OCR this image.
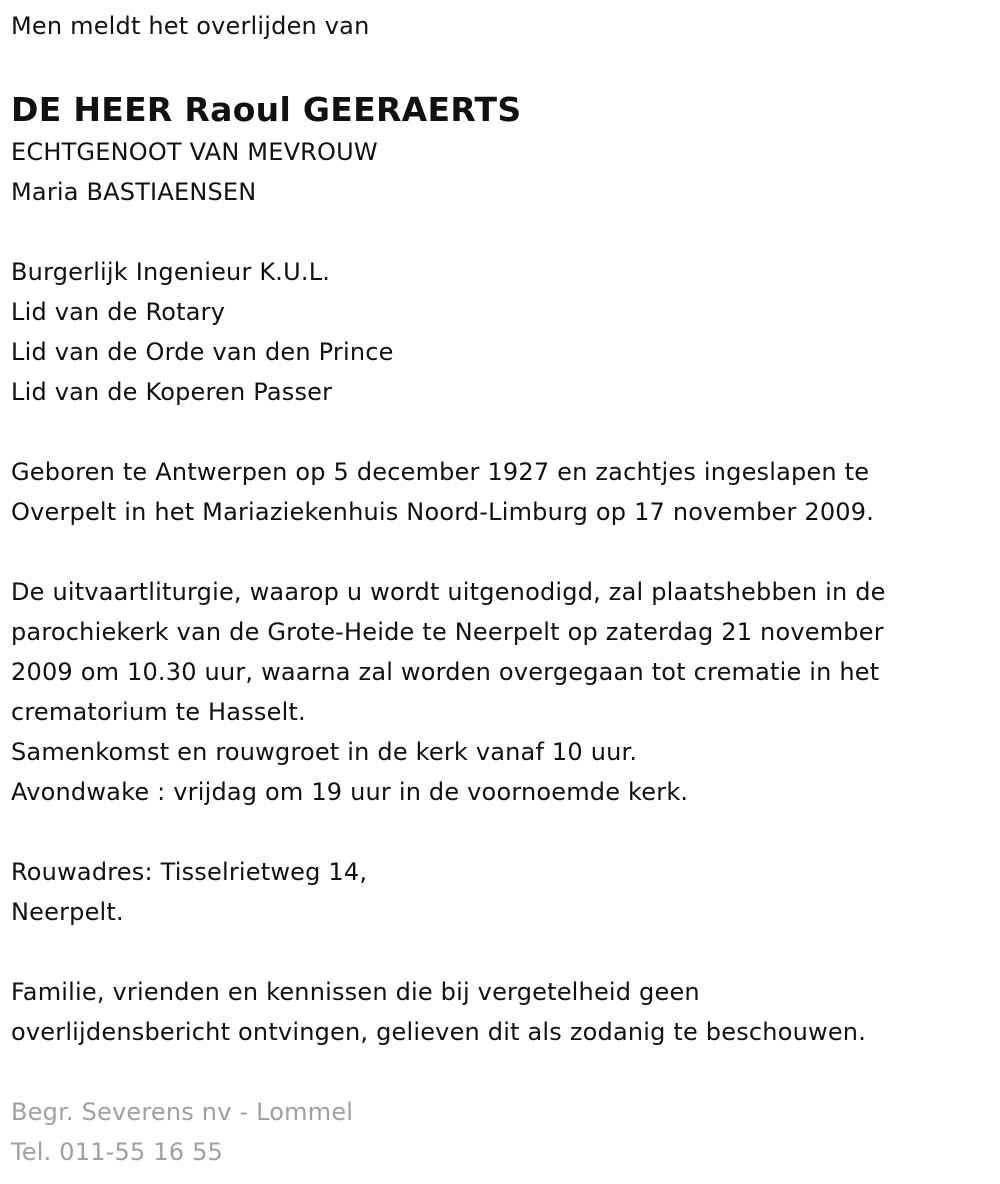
Men meldt het overlijden van
DE HEER Raoul GEERAERTS
ECHTGENOOT VAN MEVROUW
Maria BASTIAENSEN
Burgerlijk Ingenieur K.U.L.
Lid van de Rotary
Lid van de Orde van den Prince
Lid van de Koperen Passer
Geboren te Antwerpen op 5 december 1927 en zachtjes ingeslapen te
Overpelt in het Mariaziekenhuis Noord-Limburg op 17 november 2009.
De uitvaartliturgie, waarop u wordt uitgenodigd, zal plaatshebben in de
parochiekerk van de Grote-Heide te Neerpelt op zaterdag 21 november
2009 om 10.30 uur, waarna zal worden overgegaan tot crematie in het
crematorium te Hasselt.
Samenkomst en rouwgroet in de kerk vanaf 10 uur.
Avondwake : vrijdag om 19 uur in de voornoemde kerk.
Rouwadres: Tisselrietweg 14,
Neerpelt.
Familie, vrienden en kennissen die bij vergetelheid geen
overlijdensbericht ontvingen, gelieven dit als zodanig te beschouwen.
Begr. Severens nv - Lommel
Tel. 011-55 16 55
